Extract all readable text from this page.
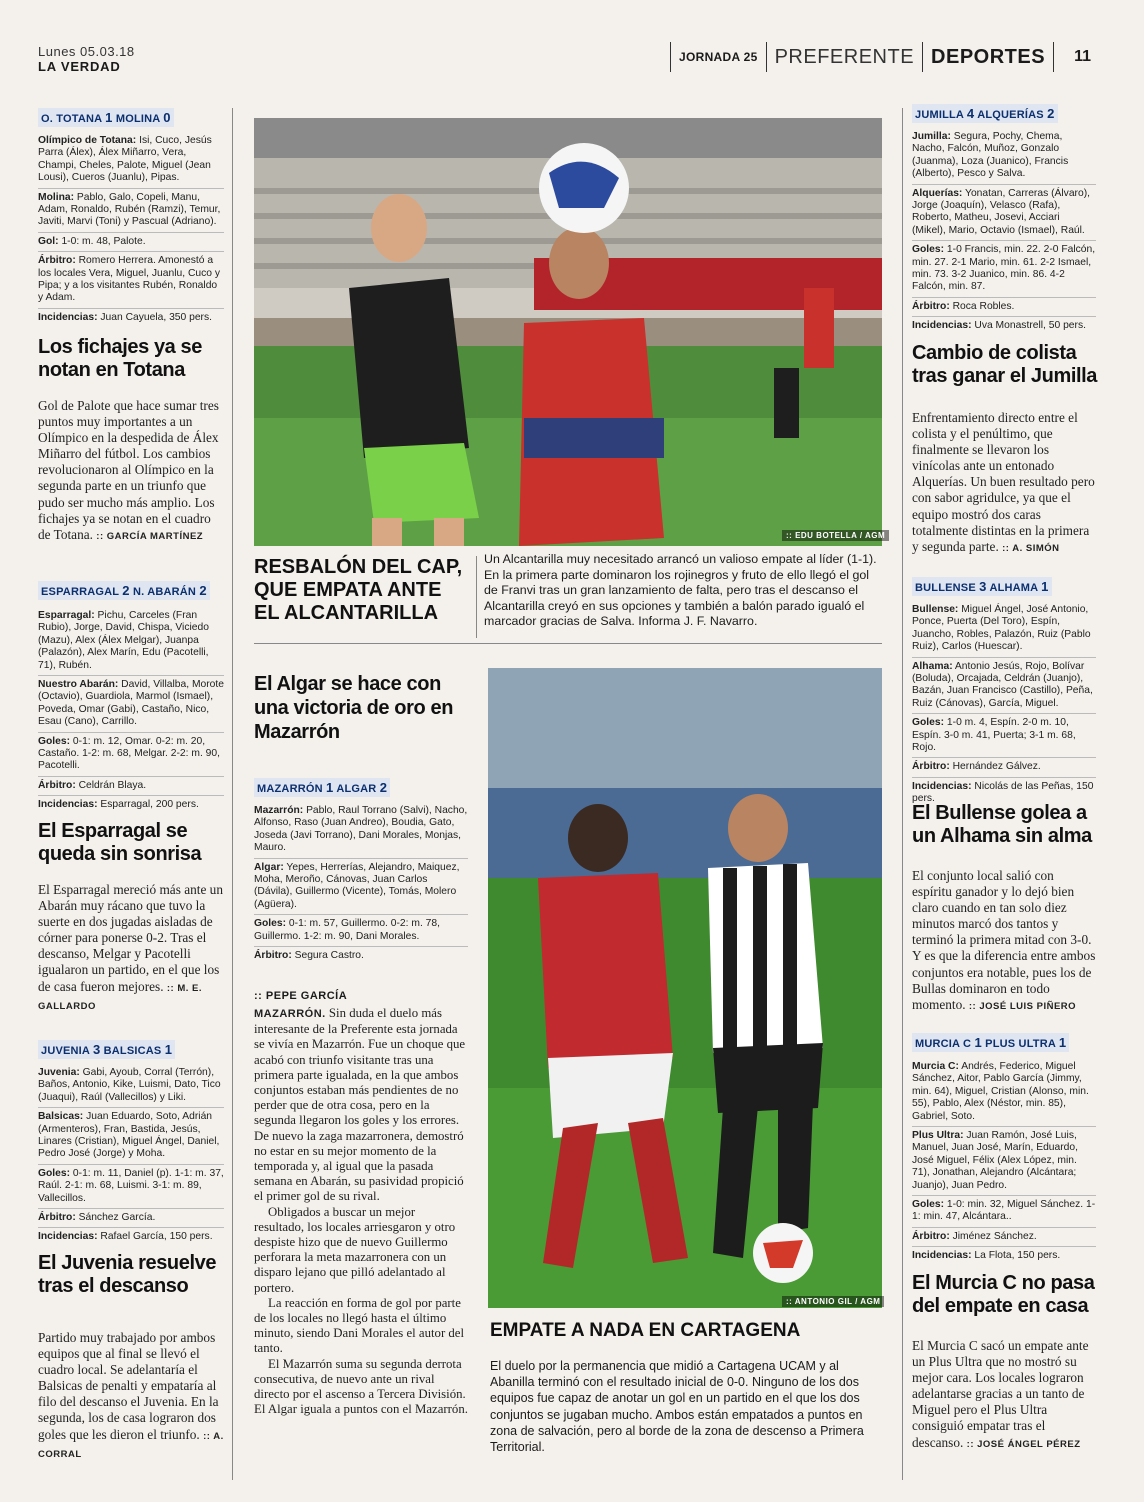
Lunes 05.03.18
LA VERDAD
JORNADA 25 PREFERENTE DEPORTES 11
O. TOTANA 1 MOLINA 0

Olímpico de Totana: Isi, Cuco, Jesús Parra (Álex), Álex Miñarro, Vera, Champi, Cheles, Palote, Miguel (Jean Lousi), Cueros (Juanlu), Pipas.

Molina: Pablo, Galo, Copeli, Manu, Adam, Ronaldo, Rubén (Ramzi), Temur, Javiti, Marvi (Toni) y Pascual (Adriano).

Gol: 1-0: m. 48, Palote.

Árbitro: Romero Herrera. Amonestó a los locales Vera, Miguel, Juanlu, Cuco y Pipa; y a los visitantes Rubén, Ronaldo y Adam.

Incidencias: Juan Cayuela, 350 pers.

Los fichajes ya se notan en Totana
Gol de Palote que hace sumar tres puntos muy importantes a un Olímpico en la despedida de Álex Miñarro del fútbol. Los cambios revolucionaron al Olímpico en la segunda parte en un triunfo que pudo ser mucho más amplio. Los fichajes ya se notan en el cuadro de Totana. :: GARCÍA MARTÍNEZ
ESPARRAGAL 2 N. ABARÁN 2

Esparragal: Pichu, Carceles (Fran Rubio), Jorge, David, Chispa, Viciedo (Mazu), Alex (Álex Melgar), Juanpa (Palazón), Alex Marín, Edu (Pacotelli, 71), Rubén.

Nuestro Abarán: David, Villalba, Morote (Octavio), Guardiola, Marmol (Ismael), Poveda, Omar (Gabi), Castaño, Nico, Esau (Cano), Carrillo.

Goles: 0-1: m. 12, Omar. 0-2: m. 20, Castaño. 1-2: m. 68, Melgar. 2-2: m. 90, Pacotelli.

Árbitro: Celdrán Blaya.

Incidencias: Esparragal, 200 pers.

El Esparragal se queda sin sonrisa
El Esparragal mereció más ante un Abarán muy rácano que tuvo la suerte en dos jugadas aisladas de córner para ponerse 0-2. Tras el descanso, Melgar y Pacotelli igualaron un partido, en el que los de casa fueron mejores. :: M. E. GALLARDO
JUVENIA 3 BALSICAS 1

Juvenia: Gabi, Ayoub, Corral (Terrón), Baños, Antonio, Kike, Luismi, Dato, Tico (Juaqui), Raúl (Vallecillos) y Liki.

Balsicas: Juan Eduardo, Soto, Adrián (Armenteros), Fran, Bastida, Jesús, Linares (Cristian), Miguel Ángel, Daniel, Pedro José (Jorge) y Moha.

Goles: 0-1: m. 11, Daniel (p). 1-1: m. 37, Raúl. 2-1: m. 68, Luismi. 3-1: m. 89, Vallecillos.

Árbitro: Sánchez García.

Incidencias: Rafael García, 150 pers.

El Juvenia resuelve tras el descanso
Partido muy trabajado por ambos equipos que al final se llevó el cuadro local. Se adelantaría el Balsicas de penalti y empataría al filo del descanso el Juvenia. En la segunda, los de casa lograron dos goles que les dieron el triunfo. :: A. CORRAL
:: EDU BOTELLA / AGM
RESBALÓN DEL CAP, QUE EMPATA ANTE EL ALCANTARILLA
Un Alcantarilla muy necesitado arrancó un valioso empate al líder (1-1). En la primera parte dominaron los rojinegros y fruto de ello llegó el gol de Franvi tras un gran lanzamiento de falta, pero tras el descanso el Alcantarilla creyó en sus opciones y también a balón parado igualó el marcador gracias de Salva. Informa J. F. Navarro.
El Algar se hace con una victoria de oro en Mazarrón
MAZARRÓN 1 ALGAR 2

Mazarrón: Pablo, Raul Torrano (Salvi), Nacho, Alfonso, Raso (Juan Andreo), Boudia, Gato, Joseda (Javi Torrano), Dani Morales, Monjas, Mauro.

Algar: Yepes, Herrerías, Alejandro, Maiquez, Moha, Meroño, Cánovas, Juan Carlos (Dávila), Guillermo (Vicente), Tomás, Molero (Agüera).

Goles: 0-1: m. 57, Guillermo. 0-2: m. 78, Guillermo. 1-2: m. 90, Dani Morales.

Árbitro: Segura Castro.

:: PEPE GARCÍA
MAZARRÓN. Sin duda el duelo más interesante de la Preferente esta jornada se vivía en Mazarrón. Fue un choque que acabó con triunfo visitante tras una primera parte igualada, en la que ambos conjuntos estaban más pendientes de no perder que de otra cosa, pero en la segunda llegaron los goles y los errores. De nuevo la zaga mazarronera, demostró no estar en su mejor momento de la temporada y, al igual que la pasada semana en Abarán, su pasividad propició el primer gol de su rival.
Obligados a buscar un mejor resultado, los locales arriesgaron y otro despiste hizo que de nuevo Guillermo perforara la meta mazarronera con un disparo lejano que pilló adelantado al portero.
La reacción en forma de gol por parte de los locales no llegó hasta el último minuto, siendo Dani Morales el autor del tanto.
El Mazarrón suma su segunda derrota consecutiva, de nuevo ante un rival directo por el ascenso a Tercera División. El Algar iguala a puntos con el Mazarrón.
:: ANTONIO GIL / AGM
EMPATE A NADA EN CARTAGENA
El duelo por la permanencia que midió a Cartagena UCAM y al Abanilla terminó con el resultado inicial de 0-0. Ninguno de los dos equipos fue capaz de anotar un gol en un partido en el que los dos conjuntos se jugaban mucho. Ambos están empatados a puntos en zona de salvación, pero al borde de la zona de descenso a Primera Territorial.
JUMILLA 4 ALQUERÍAS 2

Jumilla: Segura, Pochy, Chema, Nacho, Falcón, Muñoz, Gonzalo (Juanma), Loza (Juanico), Francis (Alberto), Pesco y Salva.

Alquerías: Yonatan, Carreras (Álvaro), Jorge (Joaquín), Velasco (Rafa), Roberto, Matheu, Josevi, Acciari (Mikel), Mario, Octavio (Ismael), Raúl.

Goles: 1-0 Francis, min. 22. 2-0 Falcón, min. 27. 2-1 Mario, min. 61. 2-2 Ismael, min. 73. 3-2 Juanico, min. 86. 4-2 Falcón, min. 87.

Árbitro: Roca Robles.

Incidencias: Uva Monastrell, 50 pers.

Cambio de colista tras ganar el Jumilla
Enfrentamiento directo entre el colista y el penúltimo, que finalmente se llevaron los vinícolas ante un entonado Alquerías. Un buen resultado pero con sabor agridulce, ya que el equipo mostró dos caras totalmente distintas en la primera y segunda parte. :: A. SIMÓN
BULLENSE 3 ALHAMA 1

Bullense: Miguel Ángel, José Antonio, Ponce, Puerta (Del Toro), Espín, Juancho, Robles, Palazón, Ruiz (Pablo Ruiz), Carlos (Huescar).

Alhama: Antonio Jesús, Rojo, Bolívar (Boluda), Orcajada, Celdrán (Juanjo), Bazán, Juan Francisco (Castillo), Peña, Ruiz (Cánovas), García, Miguel.

Goles: 1-0 m. 4, Espín. 2-0 m. 10, Espín. 3-0 m. 41, Puerta; 3-1 m. 68, Rojo.

Árbitro: Hernández Gálvez.

Incidencias: Nicolás de las Peñas, 150 pers.

El Bullense golea a un Alhama sin alma
El conjunto local salió con espíritu ganador y lo dejó bien claro cuando en tan solo diez minutos marcó dos tantos y terminó la primera mitad con 3-0. Y es que la diferencia entre ambos conjuntos era notable, pues los de Bullas dominaron en todo momento. :: JOSÉ LUIS PIÑERO
MURCIA C 1 PLUS ULTRA 1

Murcia C: Andrés, Federico, Miguel Sánchez, Aitor, Pablo García (Jimmy, min. 64), Miguel, Cristian (Alonso, min. 55), Pablo, Alex (Néstor, min. 85), Gabriel, Soto.

Plus Ultra: Juan Ramón, José Luis, Manuel, Juan José, Marín, Eduardo, José Miguel, Félix (Alex López, min. 71), Jonathan, Alejandro (Alcántara; Juanjo), Juan Pedro.

Goles: 1-0: min. 32, Miguel Sánchez. 1-1: min. 47, Alcántara..

Árbitro: Jiménez Sánchez.

Incidencias: La Flota, 150 pers.

El Murcia C no pasa del empate en casa
El Murcia C sacó un empate ante un Plus Ultra que no mostró su mejor cara. Los locales lograron adelantarse gracias a un tanto de Miguel pero el Plus Ultra consiguió empatar tras el descanso. :: JOSÉ ÁNGEL PÉREZ
